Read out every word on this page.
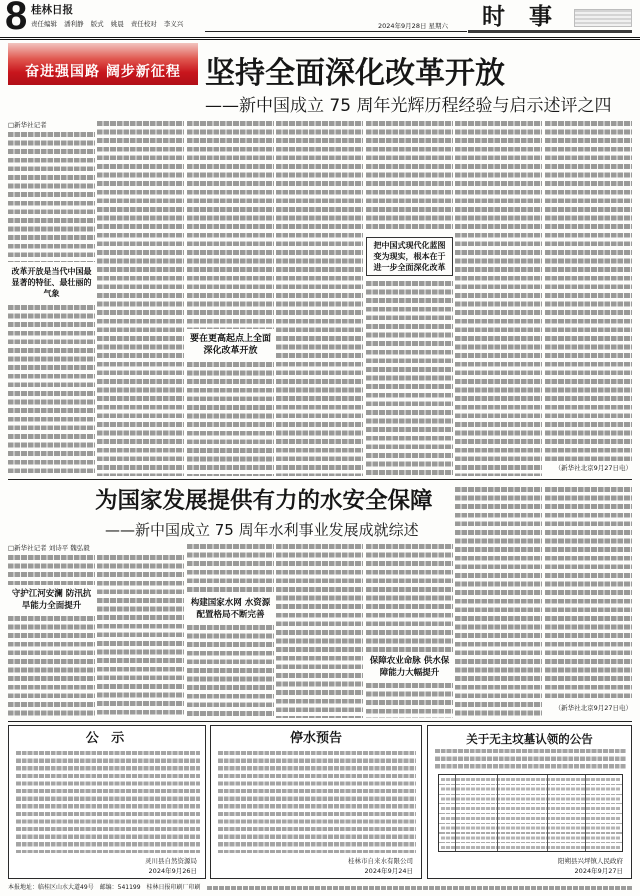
8 桂林日报
责任编辑 潘利静 版式 姚晨 责任校对 李义兴	2024年9月28日 星期六 时 事
奋进强国路 阔步新征程 坚持全面深化改革开放
——新中国成立 75 周年光辉历程经验与启示述评之四
□新华社记者
改革开放是当代中国最显著的特征、最壮丽的气象
要在更高起点上全面深化改革开放
把中国式现代化蓝图变为现实，根本在于进一步全面深化改革
（新华社北京9月27日电）
为国家发展提供有力的水安全保障
——新中国成立 75 周年水利事业发展成就综述
□新华社记者 刘诗平 魏弘毅
守护江河安澜 防汛抗旱能力全面提升	构建国家水网 水资源配置格局不断完善
保障农业命脉 供水保障能力大幅提升
（新华社北京9月27日电）
公 示
灵川县自然资源局
2024年9月26日
停水预告
桂林市自来水有限公司
2024年9月24日
关于无主坟墓认领的公告
阳朔县兴坪镇人民政府
2024年9月27日
本报地址：临桂区山水大道49号 邮编：541199 桂林日报印刷厂印刷
